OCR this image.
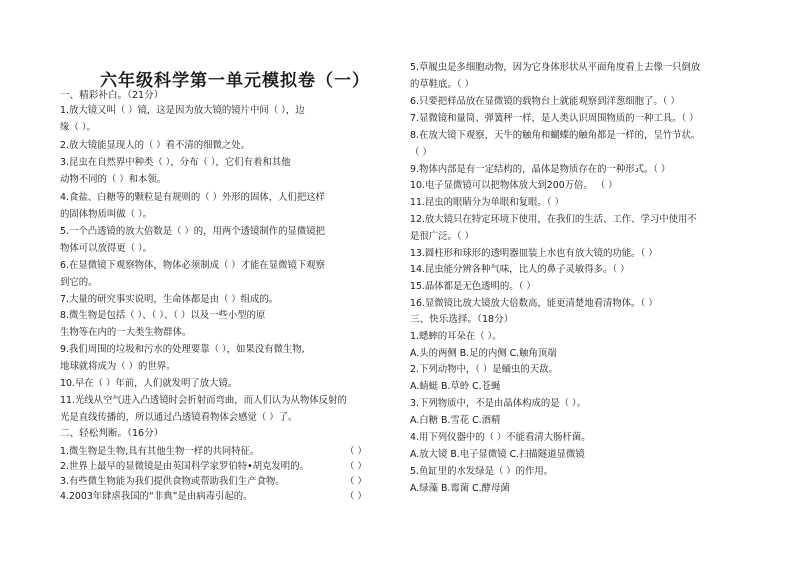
六年级科学第一单元模拟卷（一）
一、精彩补白。（21分）
1.放大镜又叫（ ）镜，这是因为放大镜的镜片中间（ ），边
缘（ ）。
2.放大镜能显现人的（ ）看不清的细微之处。
3.昆虫在自然界中种类（ ），分布（ ），它们有着和其他
动物不同的（ ）和本领。
4.食盐、白糖等的颗粒是有规则的（ ）外形的固体，人们把这样
的固体物质叫做（ ）。
5.一个凸透镜的放大倍数是（ ）的，用两个透镜制作的显微镜把
物体可以放得更（ ）。
6.在显微镜下观察物体，物体必须制成（ ）才能在显微镜下观察
到它的。
7.大量的研究事实说明，生命体都是由（ ）组成的。
8.微生物是包括（ ）、（ ）、（ ）以及一些小型的原
生物等在内的一大类生物群体。
9.我们周围的垃圾和污水的处理要靠（ ），如果没有微生物,
地球就将成为（ ）的世界。
10.早在（ ）年前，人们就发明了放大镜。
11.光线从空气进入凸透镜时会折射而弯曲，而人们认为从物体反射的
光是直线传播的，所以通过凸透镜看物体会感觉（ ）了。
二、轻松判断。（16分）
1.微生物是生物,具有其他生物一样的共同特征。
2.世界上最早的显微镜是由英国科学家罗伯特•胡克发明的。
3.有些微生物能为我们提供食物或帮助我们生产食物。
4.2003年肆虐我国的“非典”是由病毒引起的。
（ ）
（ ）
（ ）
（ ）
5.草履虫是多细胞动物，因为它身体形状从平面角度看上去像一只倒放
的草鞋底。（ ）
6.只要把样品放在显微镜的载物台上就能观察到洋葱细胞了。（ ）
7.显微镜和量筒、弹簧秤一样，是人类认识周围物质的一种工具。（ ）
8.在放大镜下观察，天牛的触角和蝴蝶的触角都是一样的，呈竹节状。
（ ）
9.物体内部是有一定结构的，晶体是物质存在的一种形式。（ ）
10.电子显微镜可以把物体放大到200万倍。 （ ）
11.昆虫的眼睛分为单眼和复眼。（ ）
12.放大镜只在特定环境下使用，在我们的生活、工作、学习中使用不
是很广泛。（ ）
13.圆柱形和球形的透明器皿装上水也有放大镜的功能。（ ）
14.昆虫能分辨各种气味，比人的鼻子灵敏得多。（ ）
15.晶体都是无色透明的。（ ）
16.显微镜比放大镜放大倍数高，能更清楚地看清物体。（ ）
三、快乐选择。（18分）
1.蟋蟀的耳朵在（ ）。
A.头的两侧 B.足的内侧 C.触角顶端
2.下列动物中，（ ）是蛹虫的天敌。
A.蜻蜓 B.草蛉 C.苍蝇
3.下列物质中，不是由晶体构成的是（ ）。
A.白糖 B.雪花 C.酒精
4.用下列仪器中的（ ）不能看清大肠杆菌。
A.放大镜 B.电子显微镜 C.扫描隧道显微镜
5.鱼缸里的水发绿是（ ）的作用。
A.绿藻 B.霉菌 C.酵母菌
